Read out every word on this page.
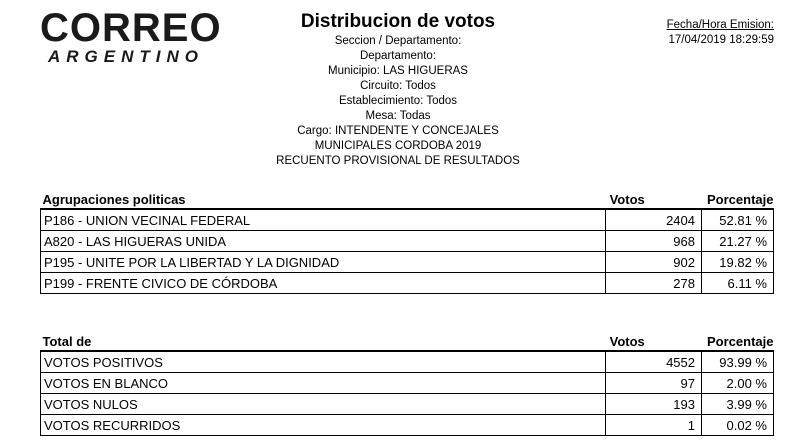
CORREO
ARGENTINO
Distribucion de votos
Seccion / Departamento:
Departamento:
Municipio: LAS HIGUERAS
Circuito: Todos
Establecimiento: Todos
Mesa: Todas
Cargo: INTENDENTE Y CONCEJALES
MUNICIPALES CORDOBA 2019
RECUENTO PROVISIONAL DE RESULTADOS
Fecha/Hora Emision:
17/04/2019 18:29:59
Agrupaciones politicas	Votos	Porcentaje
P186 - UNION VECINAL FEDERAL	2404	52.81 %
A820 - LAS HIGUERAS UNIDA	968	21.27 %
P195 - UNITE POR LA LIBERTAD Y LA DIGNIDAD	902	19.82 %
P199 - FRENTE CIVICO DE CÓRDOBA	278	6.11 %
Total de	Votos	Porcentaje
VOTOS POSITIVOS	4552	93.99 %
VOTOS EN BLANCO	97	2.00 %
VOTOS NULOS	193	3.99 %
VOTOS RECURRIDOS	1	0.02 %
